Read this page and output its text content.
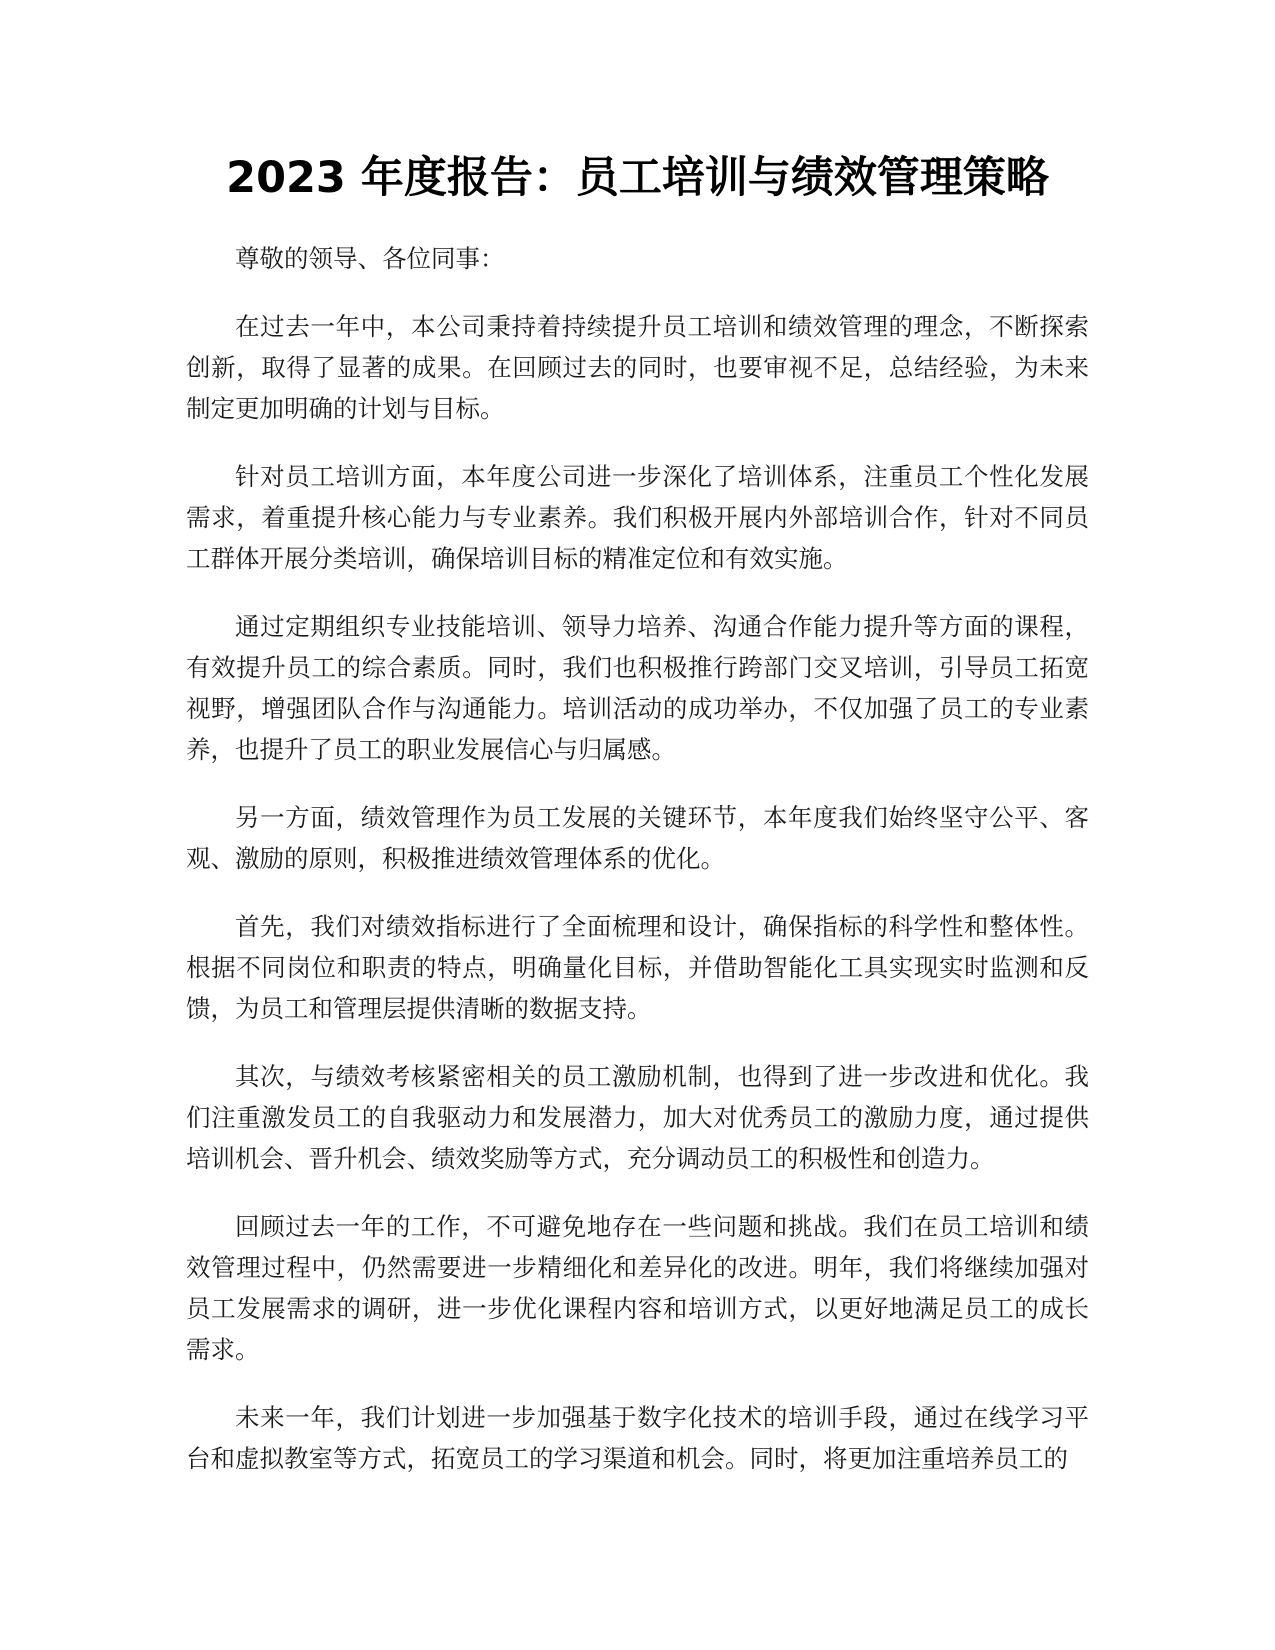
2023 年度报告：员工培训与绩效管理策略

尊敬的领导、各位同事：

在过去一年中，本公司秉持着持续提升员工培训和绩效管理的理念，不断探索创新，取得了显著的成果。在回顾过去的同时，也要审视不足，总结经验，为未来制定更加明确的计划与目标。

针对员工培训方面，本年度公司进一步深化了培训体系，注重员工个性化发展需求，着重提升核心能力与专业素养。我们积极开展内外部培训合作，针对不同员工群体开展分类培训，确保培训目标的精准定位和有效实施。

通过定期组织专业技能培训、领导力培养、沟通合作能力提升等方面的课程，有效提升员工的综合素质。同时，我们也积极推行跨部门交叉培训，引导员工拓宽视野，增强团队合作与沟通能力。培训活动的成功举办，不仅加强了员工的专业素养，也提升了员工的职业发展信心与归属感。

另一方面，绩效管理作为员工发展的关键环节，本年度我们始终坚守公平、客观、激励的原则，积极推进绩效管理体系的优化。

首先，我们对绩效指标进行了全面梳理和设计，确保指标的科学性和整体性。根据不同岗位和职责的特点，明确量化目标，并借助智能化工具实现实时监测和反馈，为员工和管理层提供清晰的数据支持。

其次，与绩效考核紧密相关的员工激励机制，也得到了进一步改进和优化。我们注重激发员工的自我驱动力和发展潜力，加大对优秀员工的激励力度，通过提供培训机会、晋升机会、绩效奖励等方式，充分调动员工的积极性和创造力。

回顾过去一年的工作，不可避免地存在一些问题和挑战。我们在员工培训和绩效管理过程中，仍然需要进一步精细化和差异化的改进。明年，我们将继续加强对员工发展需求的调研，进一步优化课程内容和培训方式，以更好地满足员工的成长需求。

未来一年，我们计划进一步加强基于数字化技术的培训手段，通过在线学习平台和虚拟教室等方式，拓宽员工的学习渠道和机会。同时，将更加注重培养员工的
